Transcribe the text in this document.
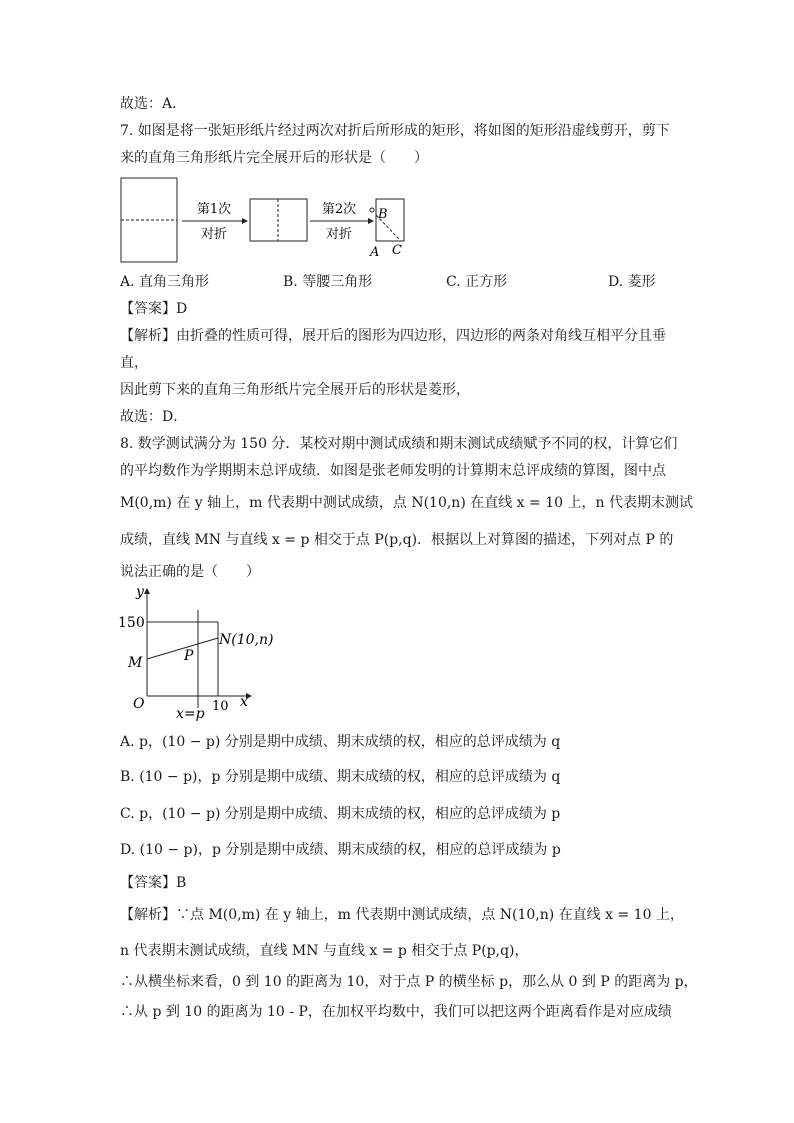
故选：A．
7. 如图是将一张矩形纸片经过两次对折后所形成的矩形，将如图的矩形沿虚线剪开，剪下
来的直角三角形纸片完全展开后的形状是（　　）
第1次
对折
第2次
对折
B
A C
A. 直角三角形	B. 等腰三角形	C. 正方形	D. 菱形
【答案】D
【解析】由折叠的性质可得，展开后的图形为四边形，四边形的两条对角线互相平分且垂
直，
因此剪下来的直角三角形纸片完全展开后的形状是菱形，
故选：D．
8. 数学测试满分为 150 分．某校对期中测试成绩和期末测试成绩赋予不同的权，计算它们
的平均数作为学期期末总评成绩．如图是张老师发明的计算期末总评成绩的算图，图中点
M(0,m) 在 y 轴上，m 代表期中测试成绩，点 N(10,n) 在直线 x = 10 上，n 代表期末测试
成绩，直线 MN 与直线 x = p 相交于点 P(p,q)．根据以上对算图的描述，下列对点 P 的
说法正确的是（　　）
y
x
O
150
M	P
N(10,n)
x=p 10
A. p，(10 − p) 分别是期中成绩、期末成绩的权，相应的总评成绩为 q
B. (10 − p)，p 分别是期中成绩、期末成绩的权，相应的总评成绩为 q
C. p，(10 − p) 分别是期中成绩、期末成绩的权，相应的总评成绩为 p
D. (10 − p)，p 分别是期中成绩、期末成绩的权，相应的总评成绩为 p
【答案】B
【解析】∵点 M(0,m) 在 y 轴上，m 代表期中测试成绩，点 N(10,n) 在直线 x = 10 上，
n 代表期末测试成绩，直线 MN 与直线 x = p 相交于点 P(p,q)，
∴从横坐标来看，0 到 10 的距离为 10，对于点 P 的横坐标 p，那么从 0 到 P 的距离为 p，
∴从 p 到 10 的距离为 10 - P，在加权平均数中，我们可以把这两个距离看作是对应成绩
